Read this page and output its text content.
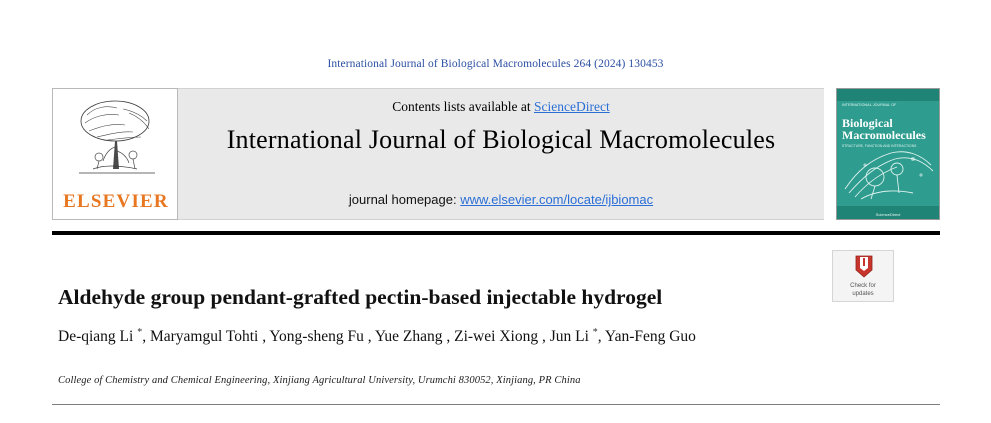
International Journal of Biological Macromolecules 264 (2024) 130453
ELSEVIER
Contents lists available at ScienceDirect
International Journal of Biological Macromolecules
journal homepage: www.elsevier.com/locate/ijbiomac
INTERNATIONAL JOURNAL OF
Biological
Macromolecules
STRUCTURE, FUNCTION AND INTERACTIONS
ScienceDirect
Check for
updates
Aldehyde group pendant-grafted pectin-based injectable hydrogel
De-qiang Li *, Maryamgul Tohti , Yong-sheng Fu , Yue Zhang , Zi-wei Xiong , Jun Li *, Yan-Feng Guo
College of Chemistry and Chemical Engineering, Xinjiang Agricultural University, Urumchi 830052, Xinjiang, PR China
